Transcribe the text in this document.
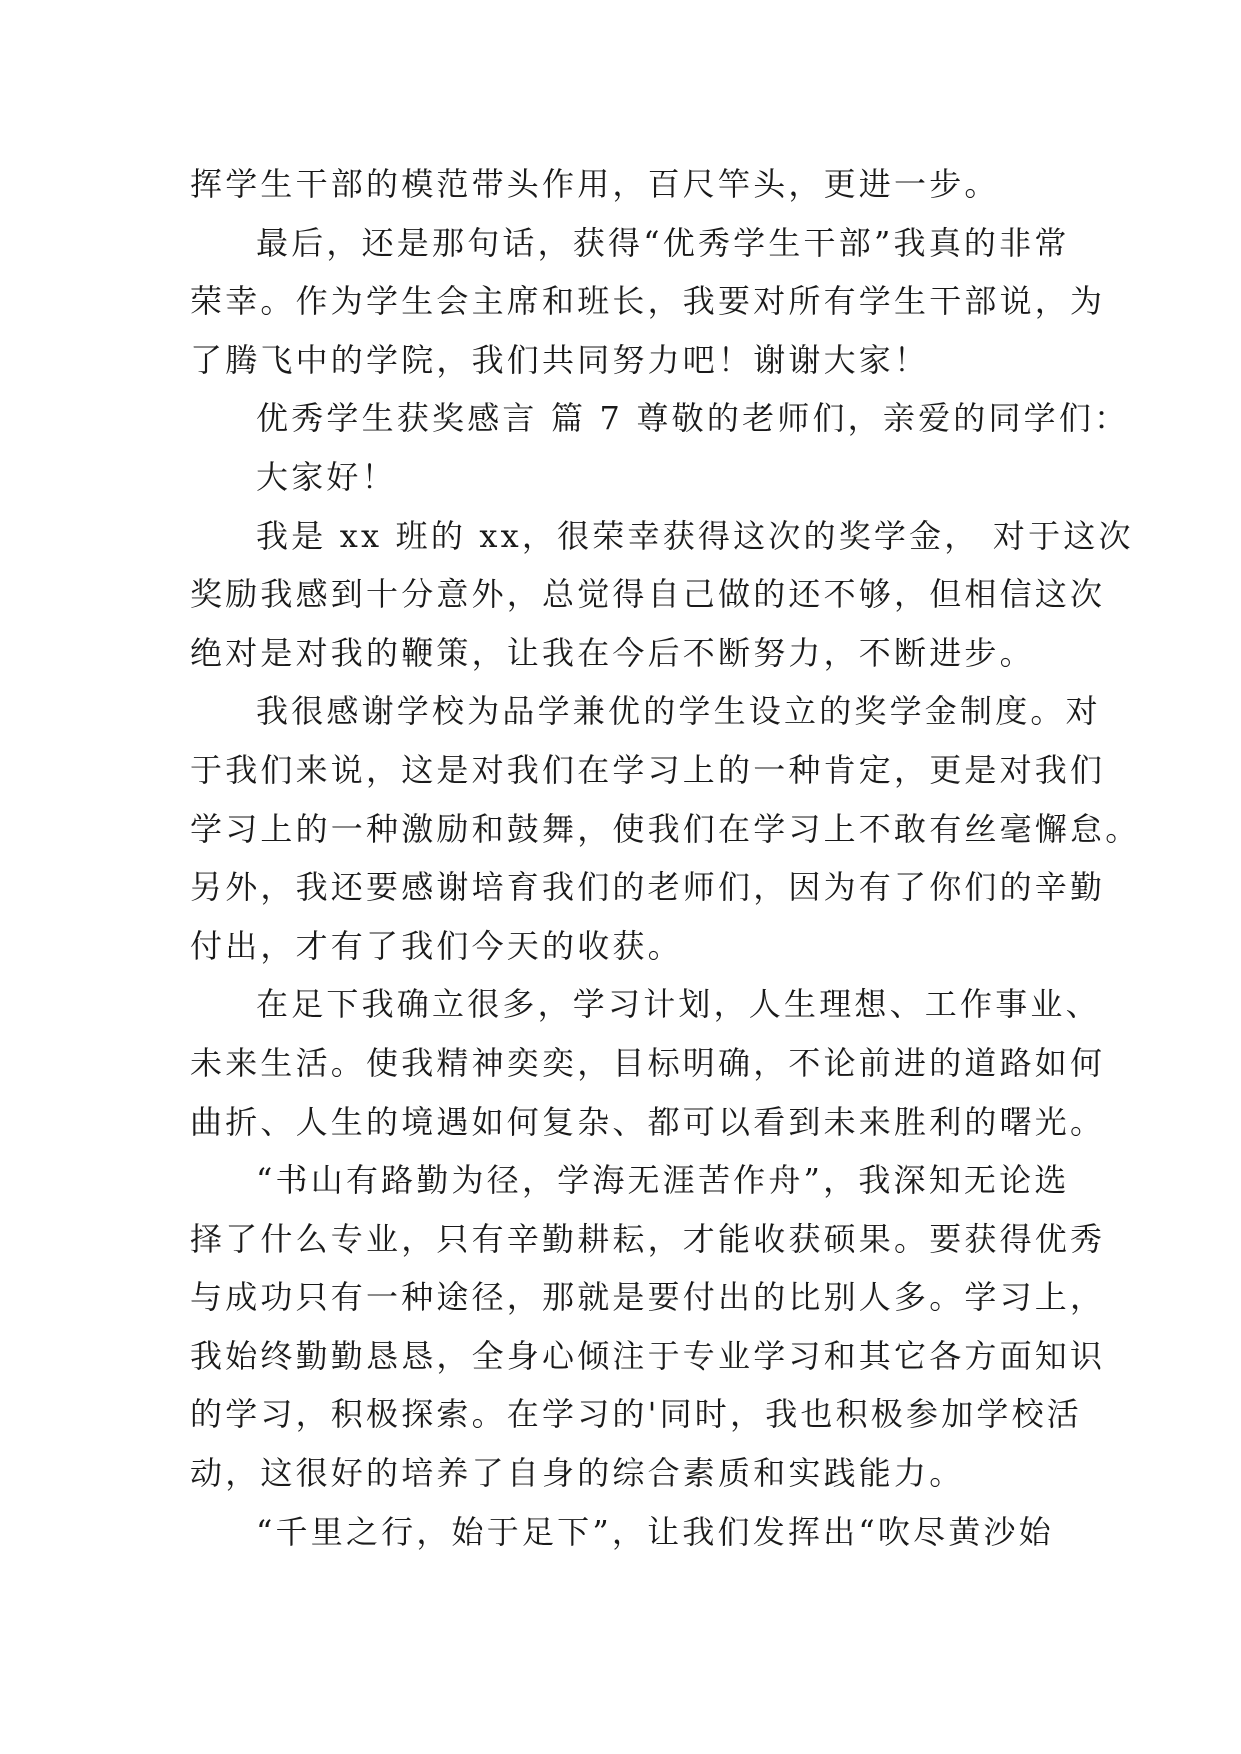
挥学生干部的模范带头作用，百尺竿头，更进一步。

最后，还是那句话，获得“优秀学生干部”我真的非常

荣幸。作为学生会主席和班长，我要对所有学生干部说，为

了腾飞中的学院，我们共同努力吧！谢谢大家！

优秀学生获奖感言 篇 7 尊敬的老师们，亲爱的同学们：

大家好！

我是 xx 班的 xx，很荣幸获得这次的奖学金， 对于这次

奖励我感到十分意外，总觉得自己做的还不够，但相信这次

绝对是对我的鞭策，让我在今后不断努力，不断进步。

我很感谢学校为品学兼优的学生设立的奖学金制度。对

于我们来说，这是对我们在学习上的一种肯定，更是对我们

学习上的一种激励和鼓舞，使我们在学习上不敢有丝毫懈怠。

另外，我还要感谢培育我们的老师们，因为有了你们的辛勤

付出，才有了我们今天的收获。

在足下我确立很多，学习计划，人生理想、工作事业、

未来生活。使我精神奕奕，目标明确，不论前进的道路如何

曲折、人生的境遇如何复杂、都可以看到未来胜利的曙光。

“书山有路勤为径，学海无涯苦作舟”，我深知无论选

择了什么专业，只有辛勤耕耘，才能收获硕果。要获得优秀

与成功只有一种途径，那就是要付出的比别人多。学习上，

我始终勤勤恳恳，全身心倾注于专业学习和其它各方面知识

的学习，积极探索。在学习的'同时，我也积极参加学校活

动，这很好的培养了自身的综合素质和实践能力。

“千里之行，始于足下”，让我们发挥出“吹尽黄沙始
